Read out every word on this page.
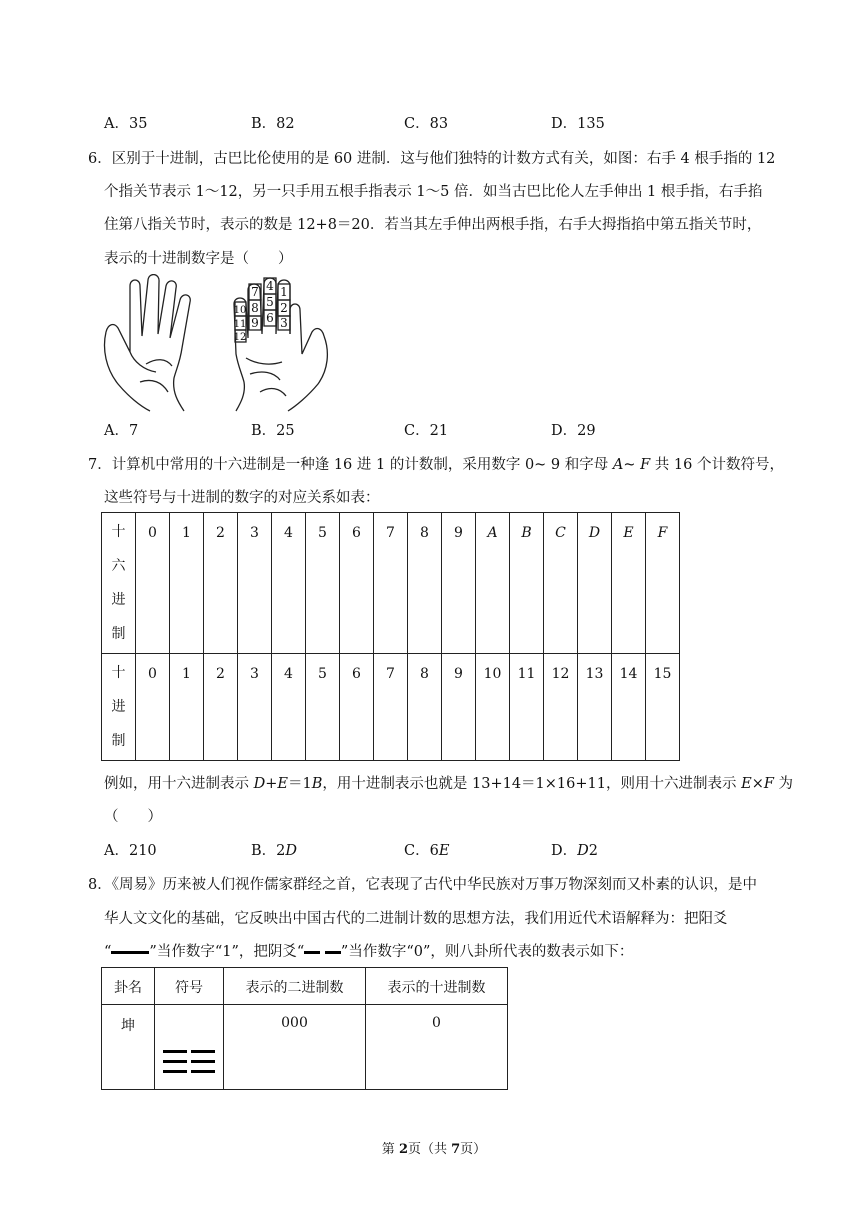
A．35	B．82	C．83	D．135
6．区别于十进制，古巴比伦使用的是 60 进制．这与他们独特的计数方式有关，如图：右手 4 根手指的 12
个指关节表示 1～12，另一只手用五根手指表示 1～5 倍．如当古巴比伦人左手伸出 1 根手指，右手掐
住第八指关节时，表示的数是 12+8＝20．若当其左手伸出两根手指，右手大拇指掐中第五指关节时，
表示的十进制数字是（　　）
1
2
3
4
5
6
7
8
9
10
11
12
A．7	B．25	C．21	D．29
7．计算机中常用的十六进制是一种逢 16 进 1 的计数制，采用数字 0~ 9 和字母 A~ F 共 16 个计数符号，
这些符号与十进制的数字的对应关系如表：
十
六
进
制	0	1	2	3	4	5	6	7	8	9	A	B	C	D	E	F

十
进
制	0	1	2	3	4	5	6	7	8	9	10	11	12	13	14	15
例如，用十六进制表示 D+E＝1B，用十进制表示也就是 13+14＝1×16+11，则用十六进制表示 E×F 为
（　　）
A．210	B．2D	C．6E	D．D2
8．《周易》历来被人们视作儒家群经之首，它表现了古代中华民族对万事万物深刻而又朴素的认识，是中
华人文文化的基础，它反映出中国古代的二进制计数的思想方法，我们用近代术语解释为：把阳爻
“	”当作数字“1”，把阴爻“	”当作数字“0”，则八卦所代表的数表示如下：
卦名	符号	表示的二进制数	表示的十进制数
坤		000	0
第 2页（共 7页）
